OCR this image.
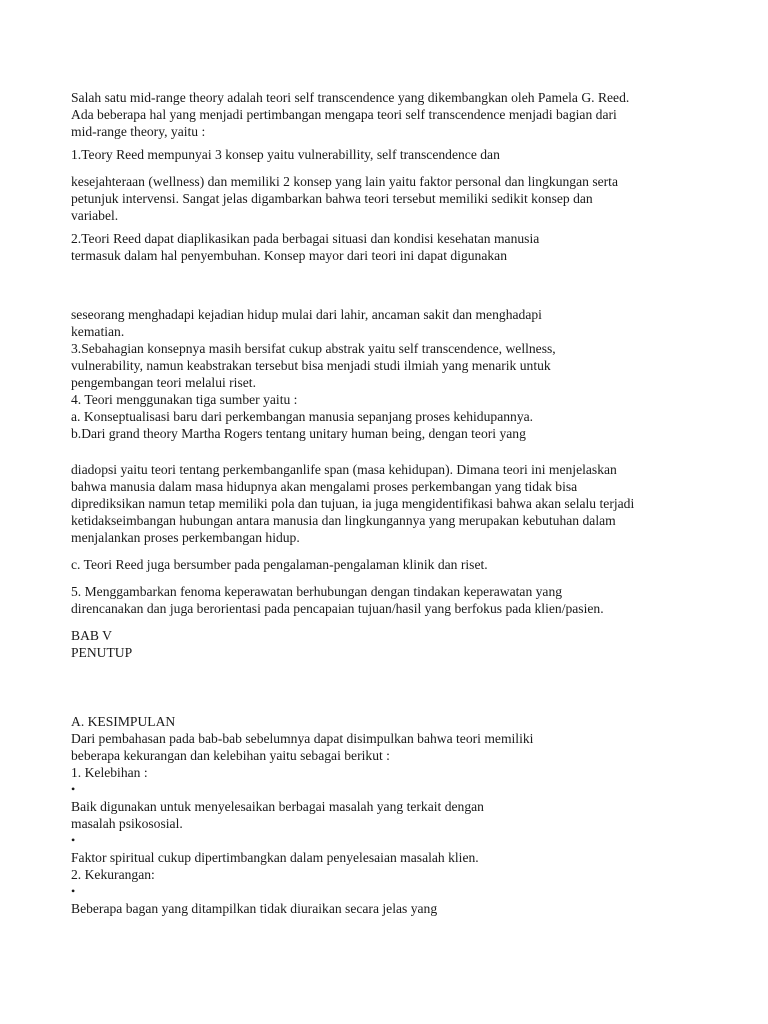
Salah satu mid-range theory adalah teori self transcendence yang dikembangkan oleh Pamela G. Reed.
Ada beberapa hal yang menjadi pertimbangan mengapa teori self transcendence menjadi bagian dari
mid-range theory, yaitu :
1.Teory Reed mempunyai 3 konsep yaitu vulnerabillity, self transcendence dan
kesejahteraan (wellness) dan memiliki 2 konsep yang lain yaitu faktor personal dan lingkungan serta
petunjuk intervensi. Sangat jelas digambarkan bahwa teori tersebut memiliki sedikit konsep dan
variabel.
2.Teori Reed dapat diaplikasikan pada berbagai situasi dan kondisi kesehatan manusia
termasuk dalam hal penyembuhan. Konsep mayor dari teori ini dapat digunakan
seseorang menghadapi kejadian hidup mulai dari lahir, ancaman sakit dan menghadapi
kematian.
3.Sebahagian konsepnya masih bersifat cukup abstrak yaitu self transcendence, wellness,
vulnerability, namun keabstrakan tersebut bisa menjadi studi ilmiah yang menarik untuk
pengembangan teori melalui riset.
4. Teori menggunakan tiga sumber yaitu :
a. Konseptualisasi baru dari perkembangan manusia sepanjang proses kehidupannya.
b.Dari grand theory Martha Rogers tentang unitary human being, dengan teori yang
diadopsi yaitu teori tentang perkembanganlife span (masa kehidupan). Dimana teori ini menjelaskan
bahwa manusia dalam masa hidupnya akan mengalami proses perkembangan yang tidak bisa
diprediksikan namun tetap memiliki pola dan tujuan, ia juga mengidentifikasi bahwa akan selalu terjadi
ketidakseimbangan hubungan antara manusia dan lingkungannya yang merupakan kebutuhan dalam
menjalankan proses perkembangan hidup.
c. Teori Reed juga bersumber pada pengalaman-pengalaman klinik dan riset.
5. Menggambarkan fenoma keperawatan berhubungan dengan tindakan keperawatan yang
direncanakan dan juga berorientasi pada pencapaian tujuan/hasil yang berfokus pada klien/pasien.
BAB V
PENUTUP
A. KESIMPULAN
Dari pembahasan pada bab-bab sebelumnya dapat disimpulkan bahwa teori memiliki
beberapa kekurangan dan kelebihan yaitu sebagai berikut :
1. Kelebihan :
•
Baik digunakan untuk menyelesaikan berbagai masalah yang terkait dengan
masalah psikososial.
•
Faktor spiritual cukup dipertimbangkan dalam penyelesaian masalah klien.
2. Kekurangan:
•
Beberapa bagan yang ditampilkan tidak diuraikan secara jelas yang
